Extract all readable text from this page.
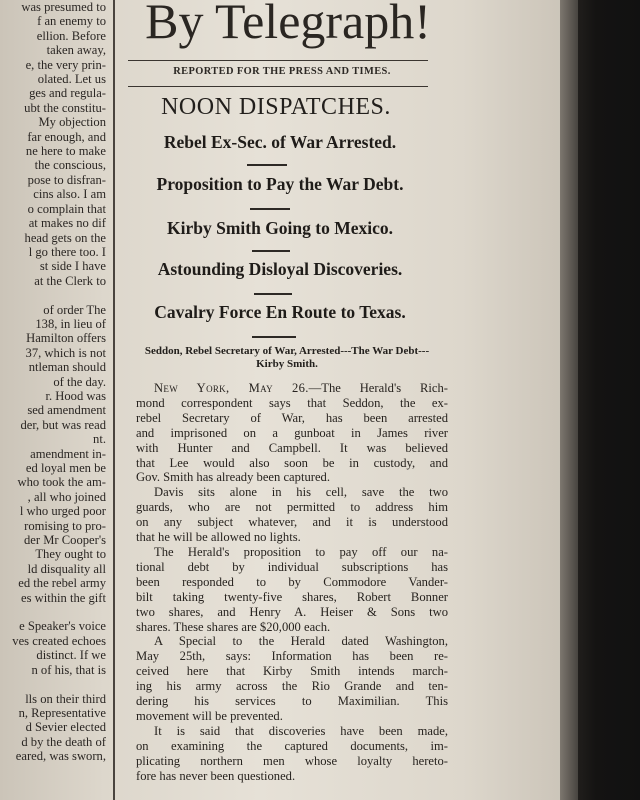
was presumed to
f an enemy to
ellion. Before
taken away,
e, the very prin-
olated. Let us
ges and regula-
ubt the constitu-
My objection
far enough, and
ne here to make
the conscious,
pose to disfran-
cins also. I am
o complain that
at makes no dif
head gets on the
l go there too. I
st side I have
at the Clerk to

of order The
138, in lieu of
Hamilton offers
37, which is not
ntleman should
of the day.
r. Hood was
sed amendment
der, but was read
nt.
amendment in-
ed loyal men be
who took the am-
, all who joined
l who urged poor
romising to pro-
der Mr Cooper's
They ought to
ld disquality all
ed the rebel army
es within the gift

e Speaker's voice
ves created echoes
distinct. If we
n of his, that is

lls on their third
n, Representative
d Sevier elected
d by the death of
eared, was sworn,
By Telegraph!
REPORTED FOR THE PRESS AND TIMES.
NOON DISPATCHES.
Rebel Ex-Sec. of War Arrested.
Proposition to Pay the War Debt.
Kirby Smith Going to Mexico.
Astounding Disloyal Discoveries.
Cavalry Force En Route to Texas.
Seddon, Rebel Secretary of War, Arrested---The War Debt---Kirby Smith.
New York, May 26.—The Herald's Rich-
mond correspondent says that Seddon, the ex-
rebel Secretary of War, has been arrested
and imprisoned on a gunboat in James river
with Hunter and Campbell. It was believed
that Lee would also soon be in custody, and
Gov. Smith has already been captured.
Davis sits alone in his cell, save the two
guards, who are not permitted to address him
on any subject whatever, and it is understood
that he will be allowed no lights.
The Herald's proposition to pay off our na-
tional debt by individual subscriptions has
been responded to by Commodore Vander-
bilt taking twenty-five shares, Robert Bonner
two shares, and Henry A. Heiser & Sons two
shares. These shares are $20,000 each.
A Special to the Herald dated Washington,
May 25th, says: Information has been re-
ceived here that Kirby Smith intends march-
ing his army across the Rio Grande and ten-
dering his services to Maximilian. This
movement will be prevented.
It is said that discoveries have been made,
on examining the captured documents, im-
plicating northern men whose loyalty hereto-
fore has never been questioned.
